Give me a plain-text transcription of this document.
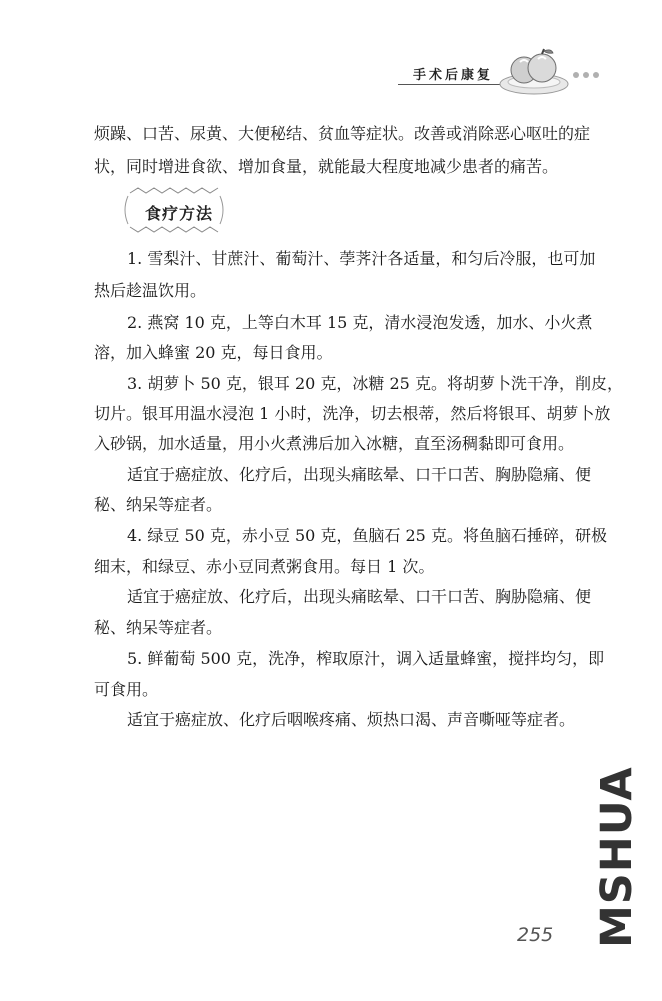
手术后康复
烦躁、口苦、尿黄、大便秘结、贫血等症状。改善或消除恶心呕吐的症
状，同时增进食欲、增加食量，就能最大程度地减少患者的痛苦。
食疗方法
1. 雪梨汁、甘蔗汁、葡萄汁、荸荠汁各适量，和匀后冷服，也可加
热后趁温饮用。
2. 燕窝 10 克，上等白木耳 15 克，清水浸泡发透，加水、小火煮
溶，加入蜂蜜 20 克，每日食用。
3. 胡萝卜 50 克，银耳 20 克，冰糖 25 克。将胡萝卜洗干净，削皮，
切片。银耳用温水浸泡 1 小时，洗净，切去根蒂，然后将银耳、胡萝卜放
入砂锅，加水适量，用小火煮沸后加入冰糖，直至汤稠黏即可食用。
适宜于癌症放、化疗后，出现头痛眩晕、口干口苦、胸胁隐痛、便
秘、纳呆等症者。
4. 绿豆 50 克，赤小豆 50 克，鱼脑石 25 克。将鱼脑石捶碎，研极
细末，和绿豆、赤小豆同煮粥食用。每日 1 次。
适宜于癌症放、化疗后，出现头痛眩晕、口干口苦、胸胁隐痛、便
秘、纳呆等症者。
5. 鲜葡萄 500 克，洗净，榨取原汁，调入适量蜂蜜，搅拌均匀，即
可食用。
适宜于癌症放、化疗后咽喉疼痛、烦热口渴、声音嘶哑等症者。
255 MSHUA
